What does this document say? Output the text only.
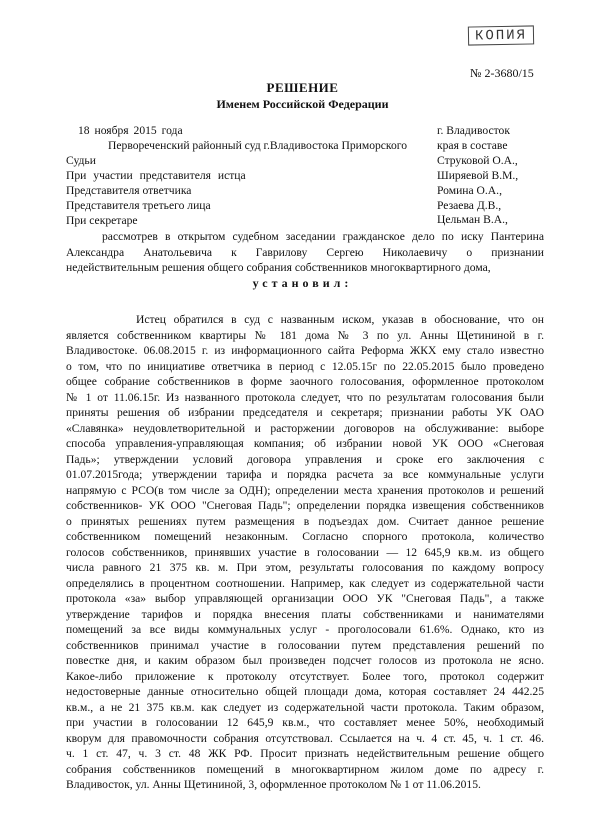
КОПИЯ
№ 2-3680/15
РЕШЕНИЕ
Именем Российской Федерации
18 ноября 2015 года	г. Владивосток
Первореченский районный суд г.Владивостока Приморского	края в составе
Судьи	Струковой О.А.,
При участии представителя истца	Ширяевой В.М.,
Представителя ответчика	Ромина О.А.,
Представителя третьего лица	Резаева Д.В.,
При секретаре	Цельман В.А.,
рассмотрев в открытом судебном заседании гражданское дело по иску Пантерина
Александра Анатольевича к Гаврилову Сергею Николаевичу о признании
недействительным решения общего собрания собственников многоквартирного дома,
установил:
Истец обратился в суд с названным иском, указав в обоснование, что он
является собственником квартиры № 181 дома № 3 по ул. Анны Щетининой в г.
Владивостоке. 06.08.2015 г. из информационного сайта Реформа ЖКХ ему стало известно
о том, что по инициативе ответчика в период с 12.05.15г по 22.05.2015 было проведено
общее собрание собственников в форме заочного голосования, оформленное протоколом
№ 1 от 11.06.15г. Из названного протокола следует, что по результатам голосования были
приняты решения об избрании председателя и секретаря; признании работы УК ОАО
«Славянка» неудовлетворительной и расторжении договоров на обслуживание: выборе
способа управления-управляющая компания; об избрании новой УК ООО «Снеговая
Падь»; утверждении условий договора управления и сроке его заключения с
01.07.2015года; утверждении тарифа и порядка расчета за все коммунальные услуги
напрямую с РСО(в том числе за ОДН); определении места хранения протоколов и решений
собственников- УК ООО "Снеговая Падь"; определении порядка извещения собственников
о принятых решениях путем размещения в подъездах дом. Считает данное решение
собственником помещений незаконным. Согласно спорного протокола, количество
голосов собственников, принявших участие в голосовании — 12 645,9 кв.м. из общего
числа равного 21 375 кв. м. При этом, результаты голосования по каждому вопросу
определялись в процентном соотношении. Например, как следует из содержательной части
протокола «за» выбор управляющей организации ООО УК "Снеговая Падь", а также
утверждение тарифов и порядка внесения платы собственниками и нанимателями
помещений за все виды коммунальных услуг - проголосовали 61.6%. Однако, кто из
собственников принимал участие в голосовании путем представления решений по
повестке дня, и каким образом был произведен подсчет голосов из протокола не ясно.
Какое-либо приложение к протоколу отсутствует. Более того, протокол содержит
недостоверные данные относительно общей площади дома, которая составляет 24 442.25
кв.м., а не 21 375 кв.м. как следует из содержательной части протокола. Таким образом,
при участии в голосовании 12 645,9 кв.м., что составляет менее 50%, необходимый
кворум для правомочности собрания отсутствовал. Ссылается на ч. 4 ст. 45, ч. 1 ст. 46.
ч. 1 ст. 47, ч. 3 ст. 48 ЖК РФ. Просит признать недействительным решение общего
собрания собственников помещений в многоквартирном жилом доме по адресу г.
Владивосток, ул. Анны Щетининой, 3, оформленное протоколом № 1 от 11.06.2015.
